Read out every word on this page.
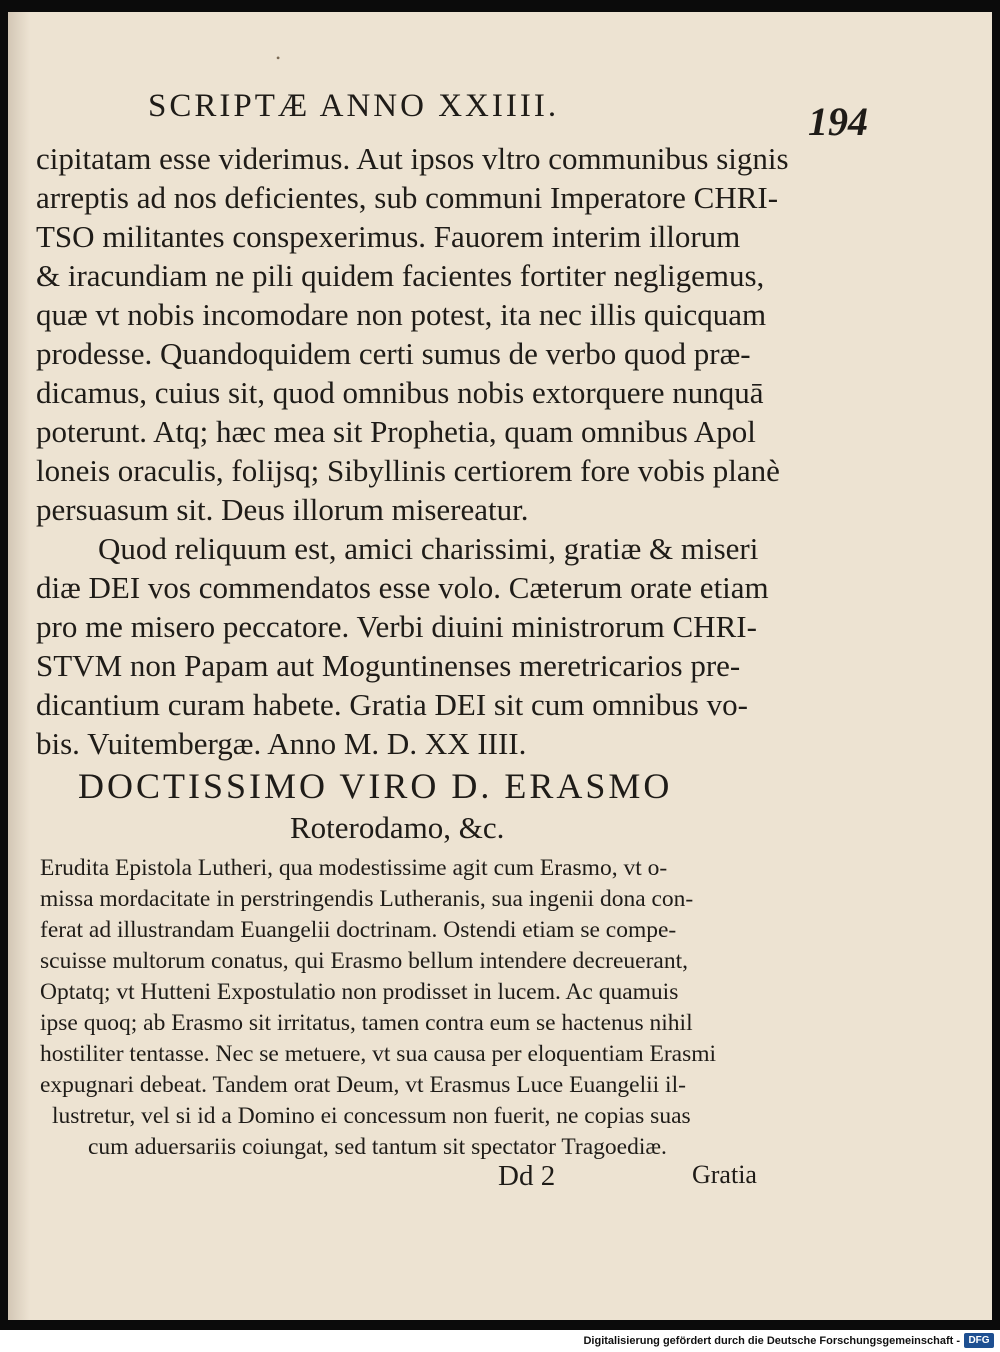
•
SCRIPTÆ ANNO XXIIII.	194
cipitatam esse viderimus. Aut ipsos vltro communibus signis
arreptis ad nos deficientes, sub communi Imperatore CHRI-
TSO militantes conspexerimus. Fauorem interim illorum
& iracundiam ne pili quidem facientes fortiter negligemus,
quæ vt nobis incomodare non potest, ita nec illis quicquam
prodesse. Quandoquidem certi sumus de verbo quod præ-
dicamus, cuius sit, quod omnibus nobis extorquere nunquā
poterunt. Atq; hæc mea sit Prophetia, quam omnibus Apol
loneis oraculis, folijsq; Sibyllinis certiorem fore vobis planè
persuasum sit. Deus illorum misereatur.
Quod reliquum est, amici charissimi, gratiæ & miseri
diæ DEI vos commendatos esse volo. Cæterum orate etiam
pro me misero peccatore. Verbi diuini ministrorum CHRI-
STVM non Papam aut Moguntinenses meretricarios pre-
dicantium curam habete. Gratia DEI sit cum omnibus vo-
bis. Vuitembergæ. Anno M. D. XX IIII.
DOCTISSIMO VIRO D. ERASMO
Roterodamo, &c.
Erudita Epistola Lutheri, qua modestissime agit cum Erasmo, vt o-
missa mordacitate in perstringendis Lutheranis, sua ingenii dona con-
ferat ad illustrandam Euangelii doctrinam. Ostendi etiam se compe-
scuisse multorum conatus, qui Erasmo bellum intendere decreuerant,
Optatq; vt Hutteni Expostulatio non prodisset in lucem. Ac quamuis
ipse quoq; ab Erasmo sit irritatus, tamen contra eum se hactenus nihil
hostiliter tentasse. Nec se metuere, vt sua causa per eloquentiam Erasmi
expugnari debeat. Tandem orat Deum, vt Erasmus Luce Euangelii il-
lustretur, vel si id a Domino ei concessum non fuerit, ne copias suas
cum aduersariis coiungat, sed tantum sit spectator Tragoediæ.
Dd 2	Gratia
Digitalisierung gefördert durch die Deutsche Forschungsgemeinschaft - DFG
